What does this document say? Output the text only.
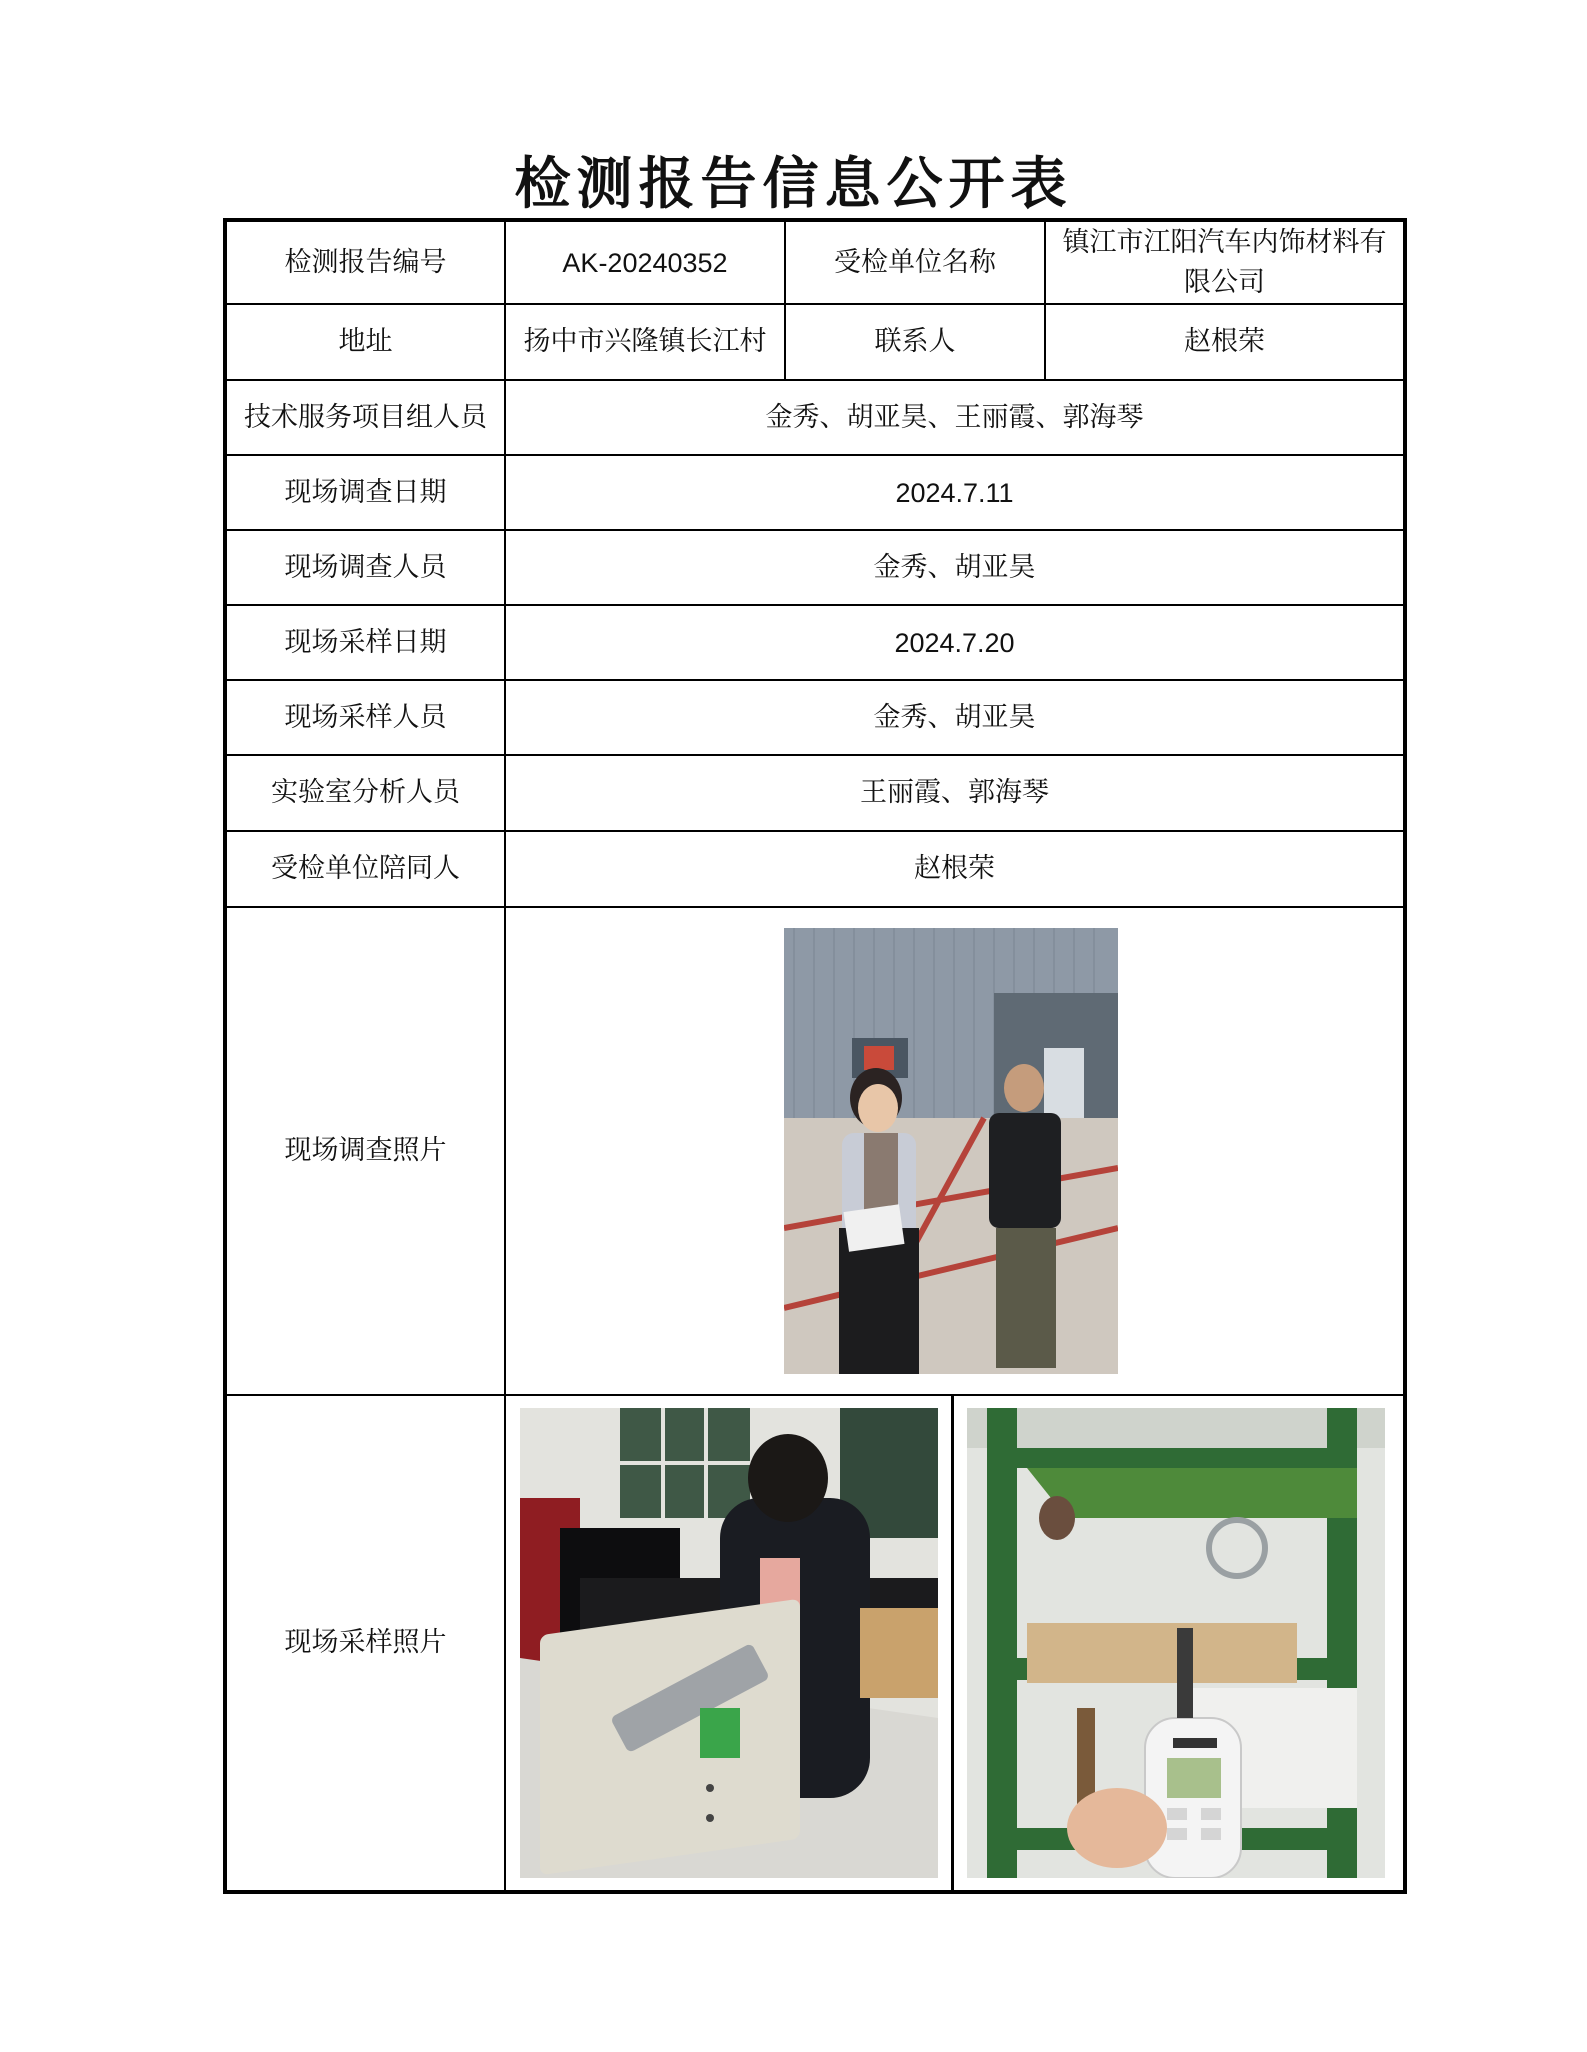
检测报告信息公开表
检测报告编号	AK-20240352	受检单位名称	镇江市江阳汽车内饰材料有限公司
地址	扬中市兴隆镇长江村	联系人	赵根荣
技术服务项目组人员	金秀、胡亚昊、王丽霞、郭海琴		
现场调查日期	2024.7.11		
现场调查人员	金秀、胡亚昊		
现场采样日期	2024.7.20		
现场采样人员	金秀、胡亚昊		
实验室分析人员	王丽霞、郭海琴		
受检单位陪同人	赵根荣		
现场调查照片	

现场采样照片	
